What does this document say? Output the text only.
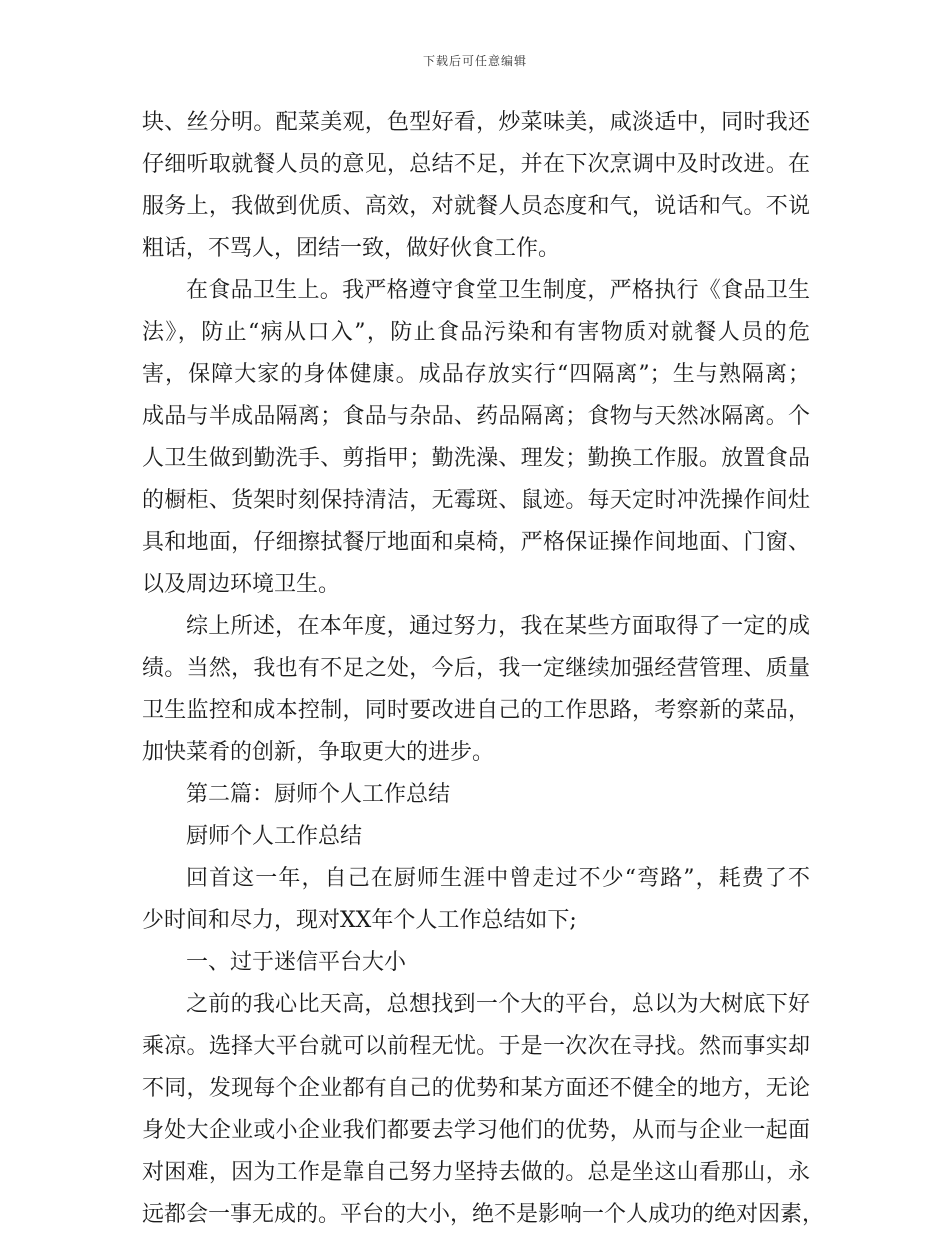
下载后可任意编辑
块、丝分明。配菜美观，色型好看，炒菜味美，咸淡适中，同时我还
仔细听取就餐人员的意见，总结不足，并在下次烹调中及时改进。在
服务上，我做到优质、高效，对就餐人员态度和气，说话和气。不说
粗话，不骂人，团结一致，做好伙食工作。
在食品卫生上。我严格遵守食堂卫生制度，严格执行《食品卫生
法》，防止“病从口入”，防止食品污染和有害物质对就餐人员的危
害，保障大家的身体健康。成品存放实行“四隔离”；生与熟隔离；
成品与半成品隔离；食品与杂品、药品隔离；食物与天然冰隔离。个
人卫生做到勤洗手、剪指甲；勤洗澡、理发；勤换工作服。放置食品
的橱柜、货架时刻保持清洁，无霉斑、鼠迹。每天定时冲洗操作间灶
具和地面，仔细擦拭餐厅地面和桌椅，严格保证操作间地面、门窗、
以及周边环境卫生。
综上所述，在本年度，通过努力，我在某些方面取得了一定的成
绩。当然，我也有不足之处，今后，我一定继续加强经营管理、质量
卫生监控和成本控制，同时要改进自己的工作思路，考察新的菜品，
加快菜肴的创新，争取更大的进步。
第二篇：厨师个人工作总结
厨师个人工作总结
回首这一年，自己在厨师生涯中曾走过不少“弯路”，耗费了不
少时间和尽力，现对XX年个人工作总结如下;
一、过于迷信平台大小
之前的我心比天高，总想找到一个大的平台，总以为大树底下好
乘凉。选择大平台就可以前程无忧。于是一次次在寻找。然而事实却
不同，发现每个企业都有自己的优势和某方面还不健全的地方，无论
身处大企业或小企业我们都要去学习他们的优势，从而与企业一起面
对困难，因为工作是靠自己努力坚持去做的。总是坐这山看那山，永
远都会一事无成的。平台的大小，绝不是影响一个人成功的绝对因素，
